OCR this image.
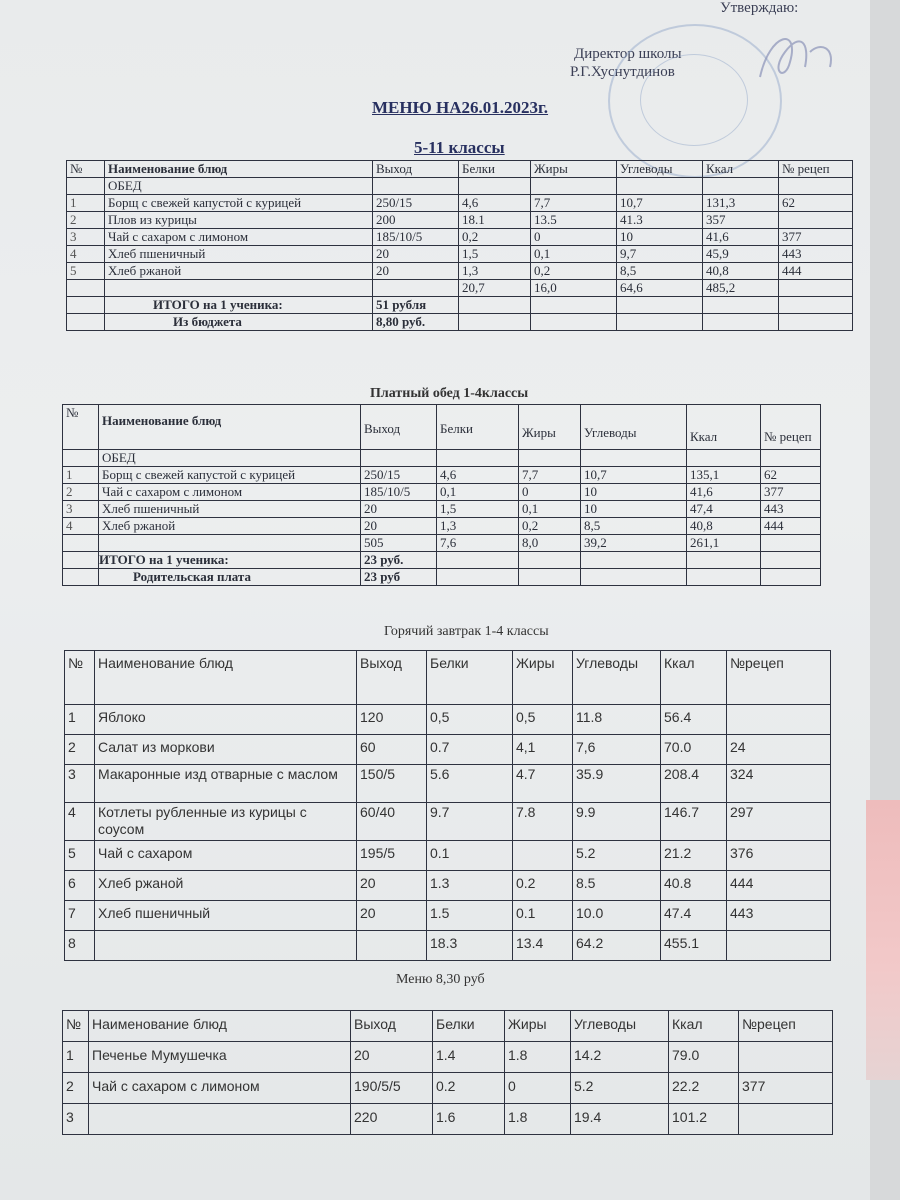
Утверждаю:
Директор школы
Р.Г.Хуснутдинов
МЕНЮ НА26.01.2023г.
5-11 классы
№	Наименование блюд	Выход	Белки	Жиры	Углеводы	Ккал	№ рецеп
	ОБЕД						
1	Борщ с свежей капустой с курицей	250/15	4,6	7,7	10,7	131,3	62
2	Плов из курицы	200	18.1	13.5	41.3	357	
3	Чай с сахаром с лимоном	185/10/5	0,2	0	10	41,6	377
4	Хлеб пшеничный	20	1,5	0,1	9,7	45,9	443
5	Хлеб ржаной	20	1,3	0,2	8,5	40,8	444
			20,7	16,0	64,6	485,2	
	ИТОГО на 1 ученика:	51 рубля					
	Из бюджета	8,80 руб.					
Платный обед 1-4классы
№	Наименование блюд	Выход	Белки	Жиры	Углеводы	Ккал	№ рецеп
	ОБЕД						
1	Борщ с свежей капустой с курицей	250/15	4,6	7,7	10,7	135,1	62
2	Чай с сахаром с лимоном	185/10/5	0,1	0	10	41,6	377
3	Хлеб пшеничный	20	1,5	0,1	10	47,4	443
4	Хлеб ржаной	20	1,3	0,2	8,5	40,8	444
		505	7,6	8,0	39,2	261,1	
	ИТОГО на 1 ученика:	23 руб.					
	Родительская плата	23 руб					
Горячий завтрак 1-4 классы
№	Наименование блюд	Выход	Белки	Жиры	Углеводы	Ккал	№рецеп
1	Яблоко	120	0,5	0,5	11.8	56.4	
2	Салат из моркови	60	0.7	4,1	7,6	70.0	24
3	Макаронные изд отварные с маслом	150/5	5.6	4.7	35.9	208.4	324
4	Котлеты рубленные из курицы с соусом	60/40	9.7	7.8	9.9	146.7	297
5	Чай с сахаром	195/5	0.1		5.2	21.2	376
6	Хлеб ржаной	20	1.3	0.2	8.5	40.8	444
7	Хлеб пшеничный	20	1.5	0.1	10.0	47.4	443
8			18.3	13.4	64.2	455.1	
Меню 8,30 руб
№	Наименование блюд	Выход	Белки	Жиры	Углеводы	Ккал	№рецеп
1	Печенье Мумушечка	20	1.4	1.8	14.2	79.0	
2	Чай с сахаром с лимоном	190/5/5	0.2	0	5.2	22.2	377
3		220	1.6	1.8	19.4	101.2	
